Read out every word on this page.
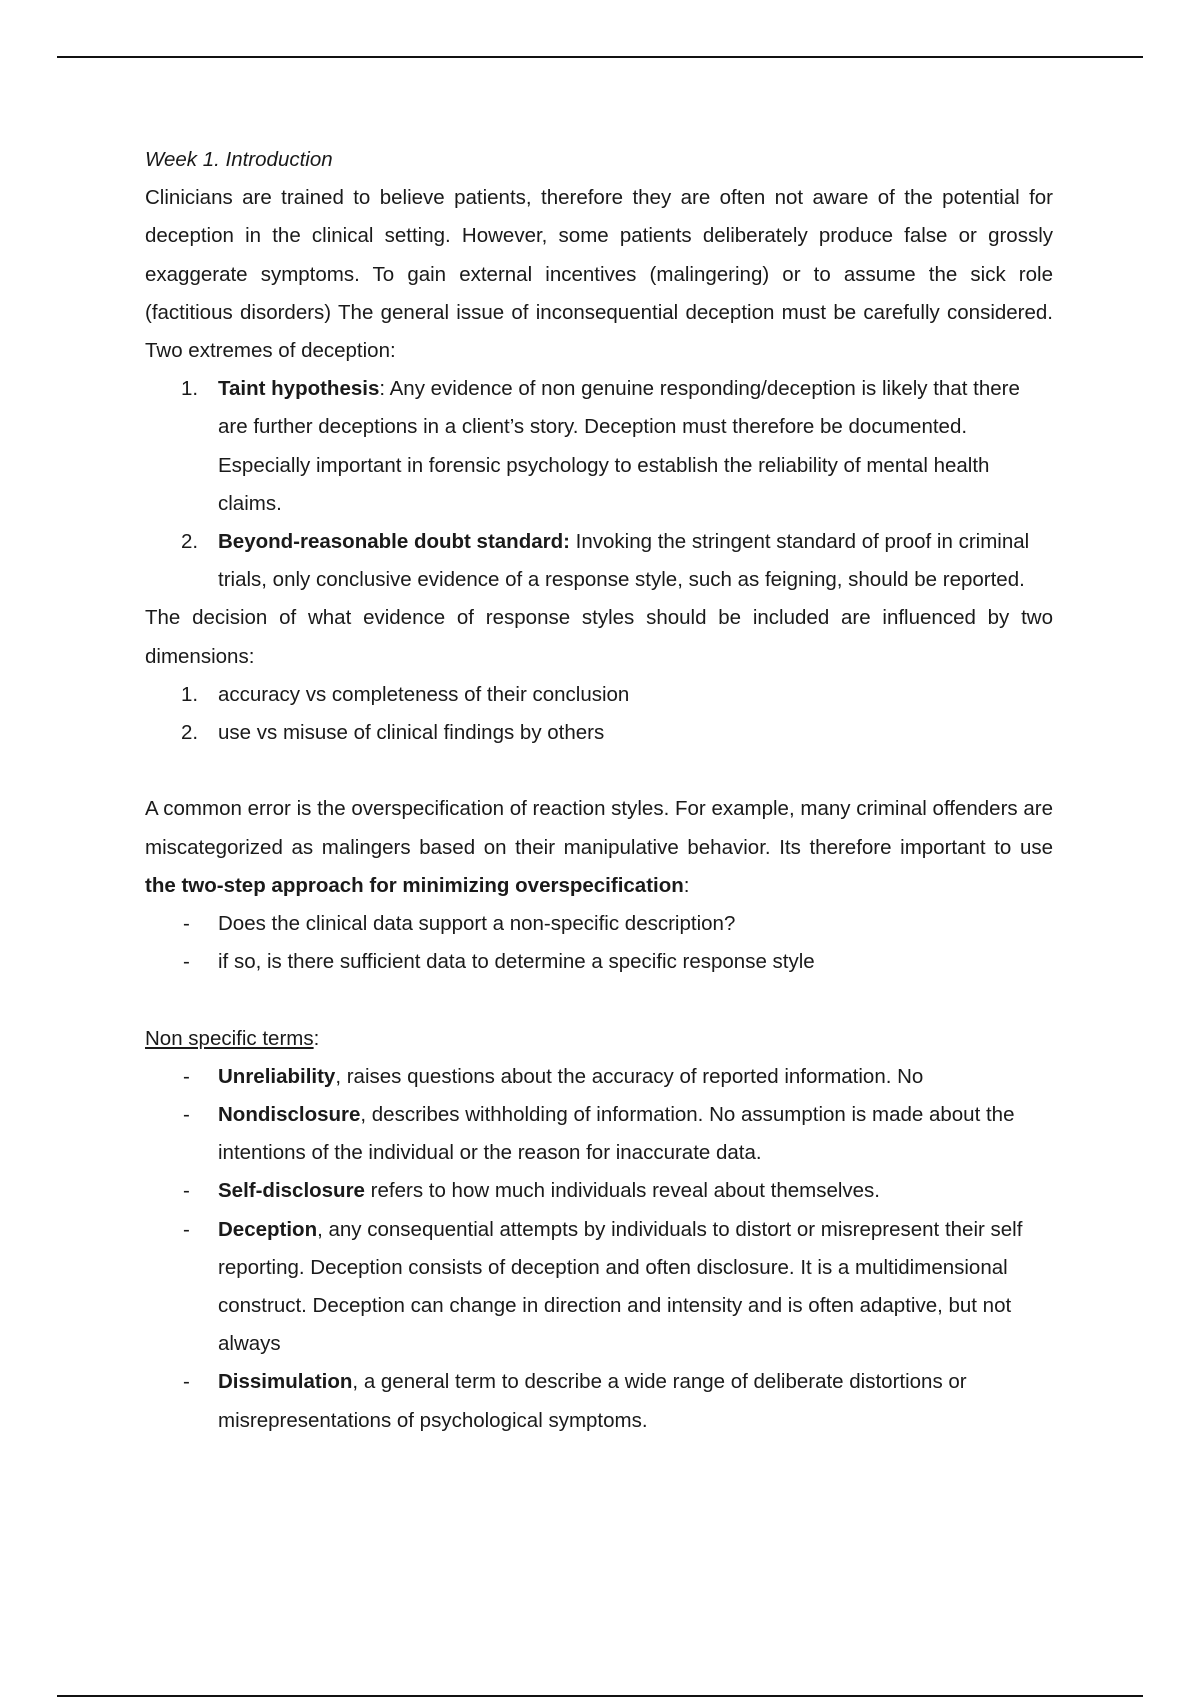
Week 1. Introduction

Clinicians are trained to believe patients, therefore they are often not aware of the potential for deception in the clinical setting. However, some patients deliberately produce false or grossly exaggerate symptoms. To gain external incentives (malingering) or to assume the sick role (factitious disorders) The general issue of inconsequential deception must be carefully considered. Two extremes of deception:

1. Taint hypothesis: Any evidence of non genuine responding/deception is likely that there are further deceptions in a client’s story. Deception must therefore be documented. Especially important in forensic psychology to establish the reliability of mental health claims.
2. Beyond-reasonable doubt standard: Invoking the stringent standard of proof in criminal trials, only conclusive evidence of a response style, such as feigning, should be reported.

The decision of what evidence of response styles should be included are influenced by two dimensions:

1. accuracy vs completeness of their conclusion
2. use vs misuse of clinical findings by others

A common error is the overspecification of reaction styles. For example, many criminal offenders are miscategorized as malingers based on their manipulative behavior. Its therefore important to use the two-step approach for minimizing overspecification:

- Does the clinical data support a non-specific description?
- if so, is there sufficient data to determine a specific response style

Non specific terms:

- Unreliability, raises questions about the accuracy of reported information. No
- Nondisclosure, describes withholding of information. No assumption is made about the intentions of the individual or the reason for inaccurate data.
- Self-disclosure refers to how much individuals reveal about themselves.
- Deception, any consequential attempts by individuals to distort or misrepresent their self reporting. Deception consists of deception and often disclosure. It is a multidimensional construct. Deception can change in direction and intensity and is often adaptive, but not always
- Dissimulation, a general term to describe a wide range of deliberate distortions or misrepresentations of psychological symptoms.
